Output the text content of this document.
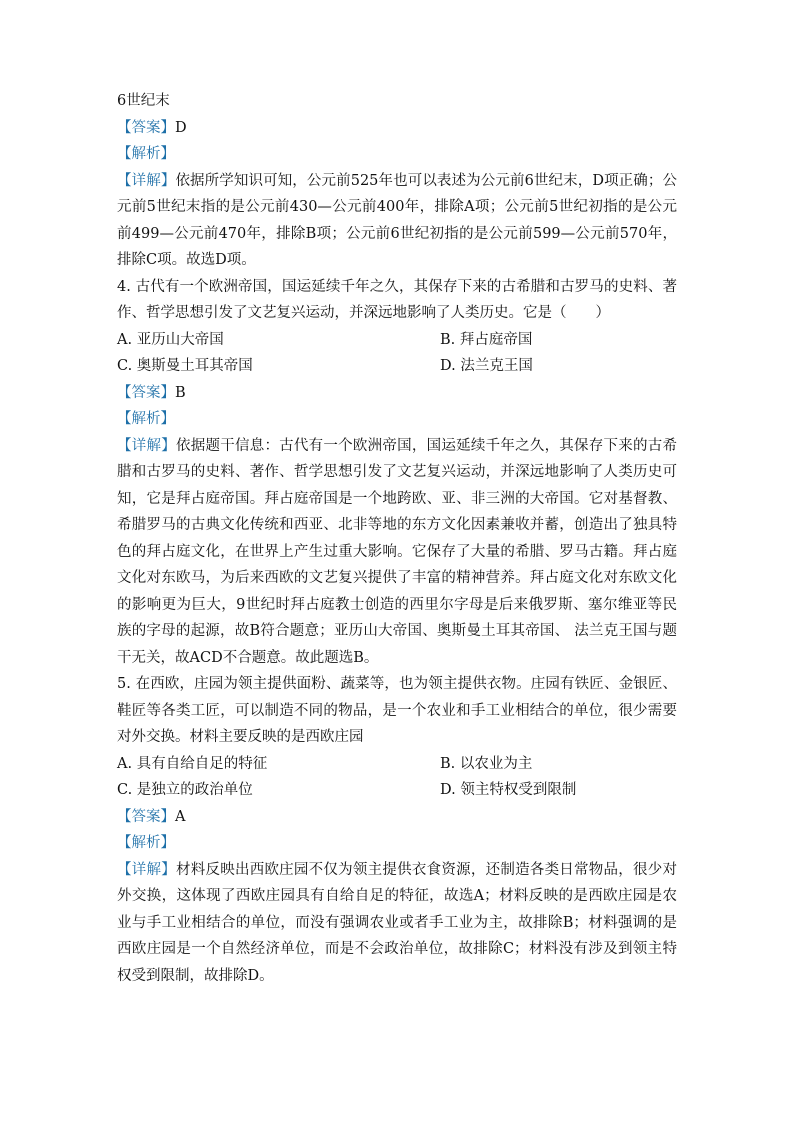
6世纪末
【答案】D
【解析】
【详解】依据所学知识可知，公元前525年也可以表述为公元前6世纪末，D项正确；公元前5世纪末指的是公元前430—公元前400年，排除A项；公元前5世纪初指的是公元前499—公元前470年，排除B项；公元前6世纪初指的是公元前599—公元前570年，排除C项。故选D项。
4. 古代有一个欧洲帝国，国运延续千年之久，其保存下来的古希腊和古罗马的史料、著作、哲学思想引发了文艺复兴运动，并深远地影响了人类历史。它是（　　）
A. 亚历山大帝国	B. 拜占庭帝国
C. 奥斯曼土耳其帝国	D. 法兰克王国
【答案】B
【解析】
【详解】依据题干信息：古代有一个欧洲帝国，国运延续千年之久，其保存下来的古希腊和古罗马的史料、著作、哲学思想引发了文艺复兴运动，并深远地影响了人类历史可知，它是拜占庭帝国。拜占庭帝国是一个地跨欧、亚、非三洲的大帝国。它对基督教、希腊罗马的古典文化传统和西亚、北非等地的东方文化因素兼收并蓄，创造出了独具特色的拜占庭文化，在世界上产生过重大影响。它保存了大量的希腊、罗马古籍。拜占庭文化对东欧马，为后来西欧的文艺复兴提供了丰富的精神营养。拜占庭文化对东欧文化的影响更为巨大，9世纪时拜占庭教士创造的西里尔字母是后来俄罗斯、塞尔维亚等民族的字母的起源，故B符合题意；亚历山大帝国、奥斯曼土耳其帝国、 法兰克王国与题干无关，故ACD不合题意。故此题选B。
5. 在西欧，庄园为领主提供面粉、蔬菜等，也为领主提供衣物。庄园有铁匠、金银匠、鞋匠等各类工匠，可以制造不同的物品，是一个农业和手工业相结合的单位，很少需要对外交换。材料主要反映的是西欧庄园
A. 具有自给自足的特征	B. 以农业为主
C. 是独立的政治单位	D. 领主特权受到限制
【答案】A
【解析】
【详解】材料反映出西欧庄园不仅为领主提供衣食资源，还制造各类日常物品，很少对外交换，这体现了西欧庄园具有自给自足的特征，故选A；材料反映的是西欧庄园是农业与手工业相结合的单位，而没有强调农业或者手工业为主，故排除B；材料强调的是西欧庄园是一个自然经济单位，而是不会政治单位，故排除C；材料没有涉及到领主特权受到限制，故排除D。
